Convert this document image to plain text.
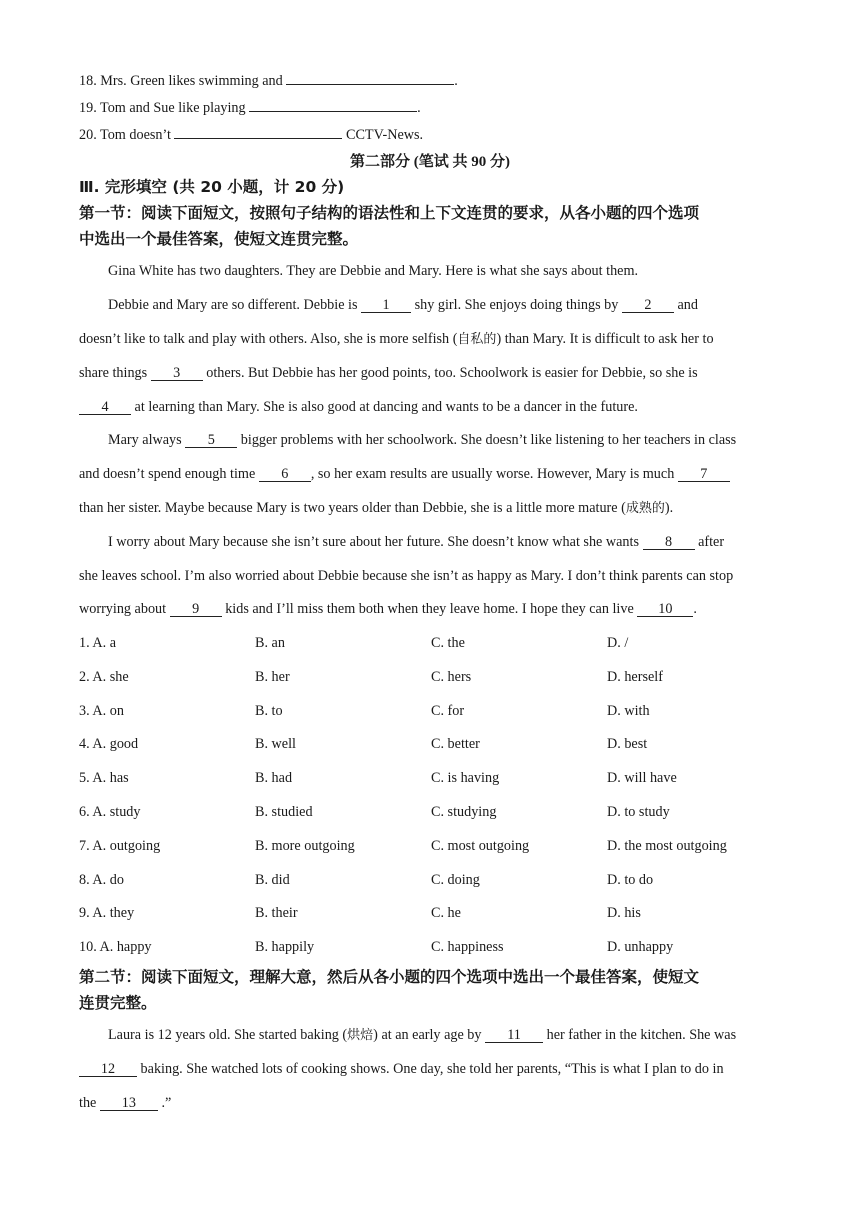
18. Mrs. Green likes swimming and	.
19. Tom and Sue like playing	.
20. Tom doesn’t	CCTV-News.
第二部分 (笔试 共 90 分)
Ⅲ. 完形填空 (共 20 小题，计 20 分)
第一节：阅读下面短文，按照句子结构的语法性和上下文连贯的要求，从各小题的四个选项
中选出一个最佳答案，使短文连贯完整。
Gina White has two daughters. They are Debbie and Mary. Here is what she says about them.
Debbie and Mary are so different. Debbie is 1 shy girl. She enjoys doing things by 2 and
doesn’t like to talk and play with others. Also, she is more selfish (自私的) than Mary. It is difficult to ask her to
share things 3 others. But Debbie has her good points, too. Schoolwork is easier for Debbie, so she is
4 at learning than Mary. She is also good at dancing and wants to be a dancer in the future.
Mary always 5 bigger problems with her schoolwork. She doesn’t like listening to her teachers in class
and doesn’t spend enough time 6 , so her exam results are usually worse. However, Mary is much 7
than her sister. Maybe because Mary is two years older than Debbie, she is a little more mature (成熟的).
I worry about Mary because she isn’t sure about her future. She doesn’t know what she wants 8 after
she leaves school. I’m also worried about Debbie because she isn’t as happy as Mary. I don’t think parents can stop
worrying about 9 kids and I’ll miss them both when they leave home. I hope they can live 10 .
1. A. a	B. an	C. the	D. /
2. A. she	B. her	C. hers	D. herself
3. A. on	B. to	C. for	D. with
4. A. good	B. well	C. better	D. best
5. A. has	B. had	C. is having	D. will have
6. A. study	B. studied	C. studying	D. to study
7. A. outgoing	B. more outgoing	C. most outgoing	D. the most outgoing
8. A. do	B. did	C. doing	D. to do
9. A. they	B. their	C. he	D. his
10. A. happy	B. happily	C. happiness	D. unhappy
第二节：阅读下面短文，理解大意，然后从各小题的四个选项中选出一个最佳答案，使短文
连贯完整。
Laura is 12 years old. She started baking (烘焙) at an early age by 11 her father in the kitchen. She was
12 baking. She watched lots of cooking shows. One day, she told her parents, “This is what I plan to do in
the 13 .”
